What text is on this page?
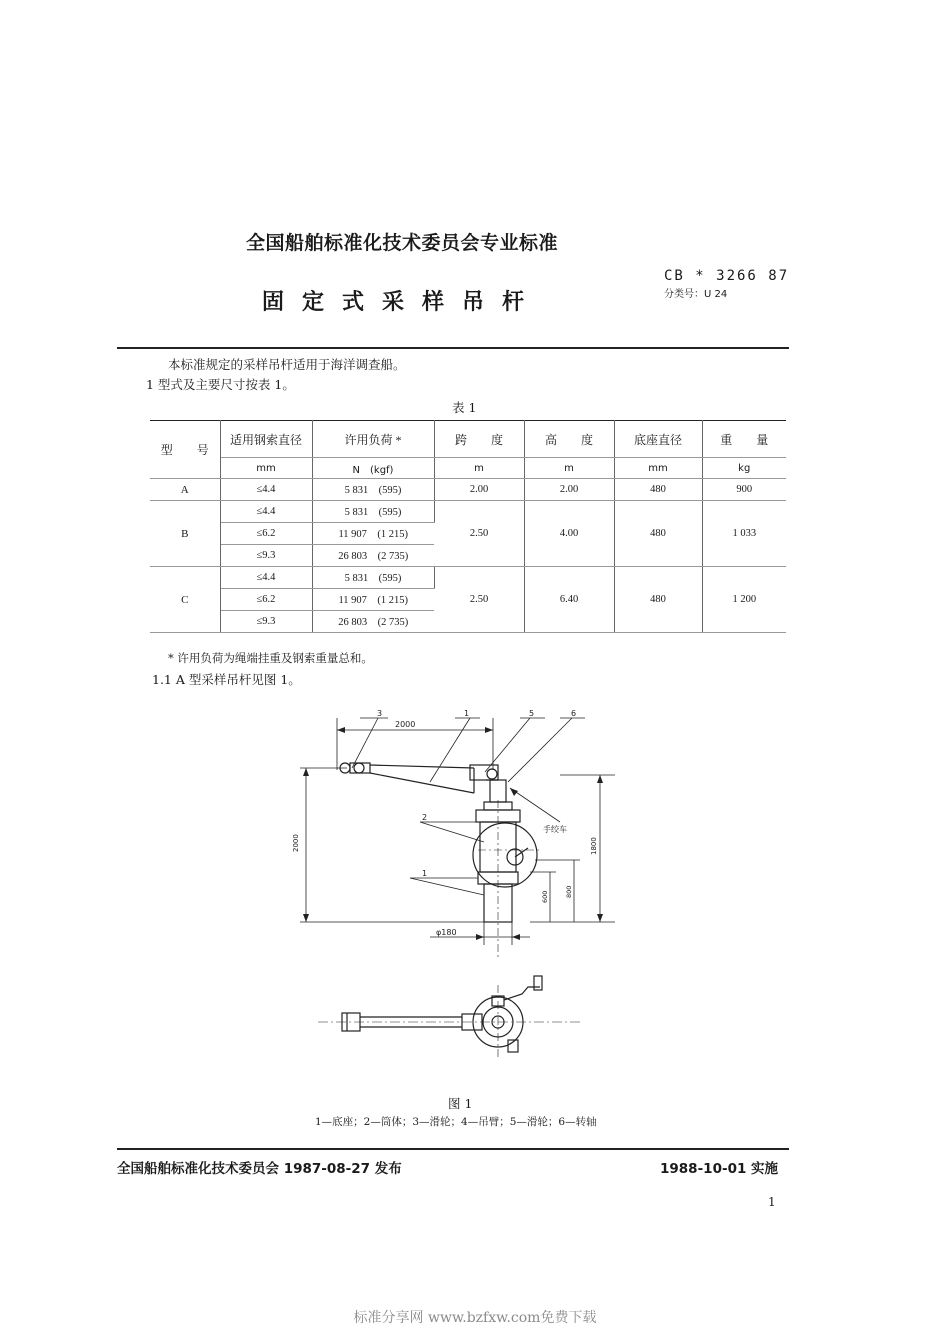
全国船舶标准化技术委员会专业标准
固定式采样吊杆
CB * 3266 87
分类号：U 24
本标准规定的采样吊杆适用于海洋调查船。
1 型式及主要尺寸按表 1。
表 1
型　　号	适用钢索直径	许用负荷 *	跨　　度	高　　度	底座直径	重　　量
	mm	N　(kgf)	m	m	mm	kg
A	≤4.4	5 831　(595)	2.00	2.00	480	900
B	≤4.4	5 831　(595)	2.50	4.00	480	1 033
	≤6.2	11 907　(1 215)				
	≤9.3	26 803　(2 735)				
C	≤4.4	5 831　(595)	2.50	6.40	480	1 200
	≤6.2	11 907　(1 215)				
	≤9.3	26 803　(2 735)				
* 许用负荷为绳端挂重及钢索重量总和。
1.1 A 型采样吊杆见图 1。
2000
3	1	5	6
2000	1800
800
600
手绞车
2
1
φ180
图 1
1—底座；2—筒体；3—滑轮；4—吊臂；5—滑轮；6—转轴
全国船舶标准化技术委员会 1987-08-27 发布	1988-10-01 实施
1
标准分享网 www.bzfxw.com免费下载
